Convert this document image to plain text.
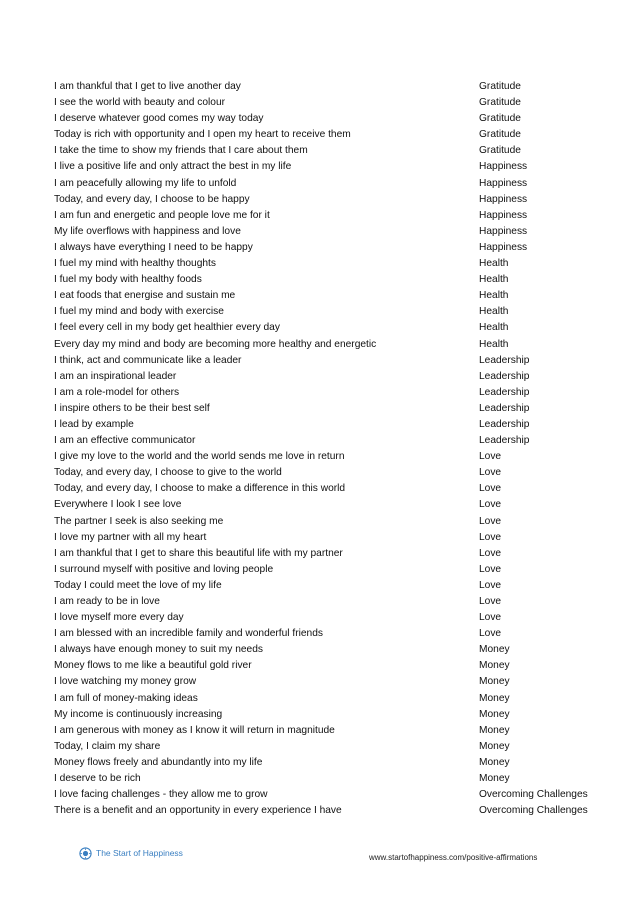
I am thankful that I get to live another day	Gratitude
I see the world with beauty and colour	Gratitude
I deserve whatever good comes my way today	Gratitude
Today is rich with opportunity and I open my heart to receive them	Gratitude
I take the time to show my friends that I care about them	Gratitude
I live a positive life and only attract the best in my life	Happiness
I am peacefully allowing my life to unfold	Happiness
Today, and every day, I choose to be happy	Happiness
I am fun and energetic and people love me for it	Happiness
My life overflows with happiness and love	Happiness
I always have everything I need to be happy	Happiness
I fuel my mind with healthy thoughts	Health
I fuel my body with healthy foods	Health
I eat foods that energise and sustain me	Health
I fuel my mind and body with exercise	Health
I feel every cell in my body get healthier every day	Health
Every day my mind and body are becoming more healthy and energetic	Health
I think, act and communicate like a leader	Leadership
I am an inspirational leader	Leadership
I am a role-model for others	Leadership
I inspire others to be their best self	Leadership
I lead by example	Leadership
I am an effective communicator	Leadership
I give my love to the world and the world sends me love in return	Love
Today, and every day, I choose to give to the world	Love
Today, and every day, I choose to make a difference in this world	Love
Everywhere I look I see love	Love
The partner I seek is also seeking me	Love
I love my partner with all my heart	Love
I am thankful that I get to share this beautiful life with my partner	Love
I surround myself with positive and loving people	Love
Today I could meet the love of my life	Love
I am ready to be in love	Love
I love myself more every day	Love
I am blessed with an incredible family and wonderful friends	Love
I always have enough money to suit my needs	Money
Money flows to me like a beautiful gold river	Money
I love watching my money grow	Money
I am full of money-making ideas	Money
My income is continuously increasing	Money
I am generous with money as I know it will return in magnitude	Money
Today, I claim my share	Money
Money flows freely and abundantly into my life	Money
I deserve to be rich	Money
I love facing challenges - they allow me to grow	Overcoming Challenges
There is a benefit and an opportunity in every experience I have	Overcoming Challenges
The Start of Happiness	www.startofhappiness.com/positive-affirmations
